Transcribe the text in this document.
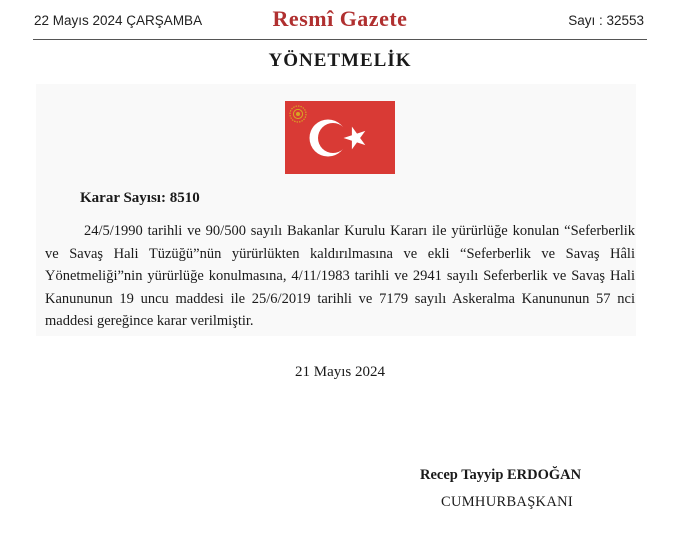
22 Mayıs 2024 ÇARŞAMBA	Resmî Gazete	Sayı : 32553
YÖNETMELİK
Karar Sayısı: 8510
24/5/1990 tarihli ve 90/500 sayılı Bakanlar Kurulu Kararı ile yürürlüğe konulan “Seferberlik ve Savaş Hali Tüzüğü”nün yürürlükten kaldırılmasına ve ekli “Seferberlik ve Savaş Hâli Yönetmeliği”nin yürürlüğe konulmasına, 4/11/1983 tarihli ve 2941 sayılı Seferberlik ve Savaş Hali Kanununun 19 uncu maddesi ile 25/6/2019 tarihli ve 7179 sayılı Askeralma Kanununun 57 nci maddesi gereğince karar verilmiştir.
21 Mayıs 2024
Recep Tayyip ERDOĞAN
CUMHURBAŞKANI
